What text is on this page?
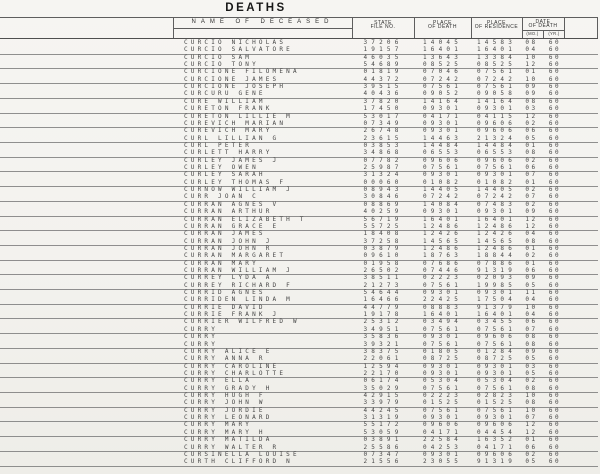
DEATHS
NAME OF DECEASED	STATE
FILE NO.
PLACE
OF DEATH
PLACE
OF RESIDENCE
DATE
OF DEATH
(MO.)	(YR.)
CURCIO NICHOLAS	37206	14045	14583	08	60
CURCIO SALVATORE	19157	16401	16401	04	60
CURCIO SAM	46035	13643	13384	10	60
CURCIO TONY	54689	08525	08525	12	60
CURCIONE FILOMENA	01819	07046	07561	01	60
CURCIONE JAMES	44372	07242	07242	10	60
CURCIONE JOSEPH	39515	07561	07561	09	60
CURCURU GENE	40436	09052	09058	09	60
CURE WILLIAM	37820	14164	14164	08	60
CURETON FRANK	17450	09301	09301	03	60
CURETON LILLIE M	53017	04171	04115	12	60
CUREVICH MARIAN	07349	09301	09606	02	60
CUREVICH MARY	26748	09301	09606	06	60
CURL LILLIAN G	23615	14463	21324	05	60
CURL PETER	03853	14484	14484	01	60
CURLETT HARRY	34868	06553	06553	08	60
CURLEY JAMES J	07782	09606	09606	02	60
CURLEY OWEN	25987	07561	07561	06	60
CURLEY SARAH	31324	09301	09301	07	60
CURLEY THOMAS F	00060	01082	01082	01	60
CURNOW WILLIAM J	08943	14405	14405	02	60
CURR JOAN C	30846	07242	07242	07	60
CURRAN AGNES V	08869	14084	07483	02	60
CURRAN ARTHUR	40259	09301	09301	09	60
CURRAN ELIZABETH T	56719	16401	16401	12	60
CURRAN GRACE E	55725	12486	12486	12	60
CURRAN JAMES	18408	12426	12426	04	60
CURRAN JOHN J	37258	14565	14565	08	60
CURRAN JOHN R	03879	12486	12486	01	60
CURRAN MARGARET	09610	18763	18844	02	60
CURRAN MARY	01958	07686	07886	01	60
CURRAN WILLIAM J	26502	07446	91319	06	60
CURREY LYDA A	38511	02223	02093	09	60
CURREY RICHARD F	21273	07561	19985	05	60
CURRID AGNES	54644	09301	09301	11	60
CURRIDEN LINDA M	16466	22425	17504	04	60
CURRIE DAVID	44779	08883	91379	10	60
CURRIE FRANK J	19178	16401	16401	04	60
CURRIER WILFRED W	25312	03494	03455	06	60
CURRY	34951	07561	07561	07	60
CURRY	35836	09301	09606	08	60
CURRY	39321	07561	07561	08	60
CURRY ALICE E	38375	01805	01284	09	60
CURRY ANNA R	22061	08725	08725	05	60
CURRY CAROLINE	12594	09301	09301	03	60
CURRY CHARLOTTE	22170	09301	09301	05	60
CURRY ELLA	06174	05304	05304	02	60
CURRY GRADY H	35029	07561	07561	08	60
CURRY HUGH F	42915	02223	02823	10	60
CURRY JOHN W	33979	01525	01525	08	60
CURRY JORDIE	44245	07561	07561	10	60
CURRY LEONARD	31319	09301	09301	07	60
CURRY MARY	55172	09606	09606	12	60
CURRY MARY H	53059	04171	04454	12	60
CURRY MATILDA	03891	22584	16352	01	60
CURRY WALTER R	25586	04253	04171	06	60
CURSINELLA LOUISE	07347	09301	09606	02	60
CURTH CLIFFORD N	21556	23055	91319	05	60
